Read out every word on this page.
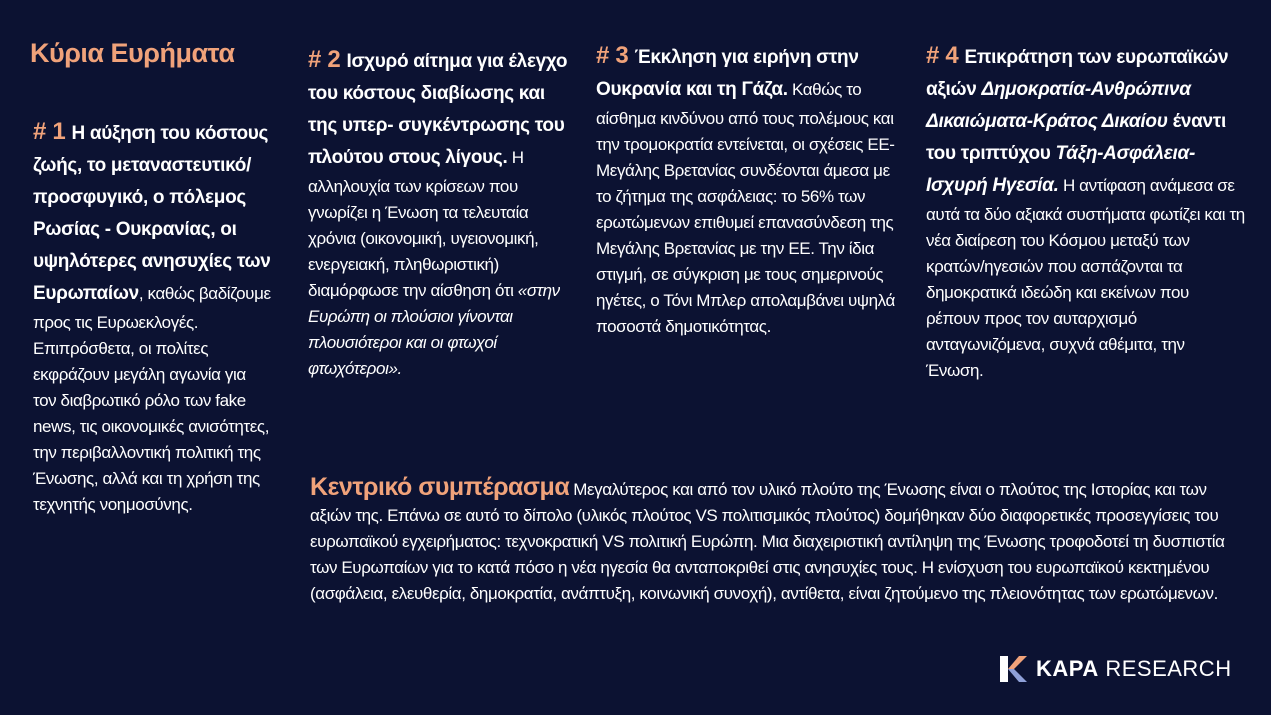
Κύρια Ευρήματα
# 1 Η αύξηση του κόστους ζωής, το μεταναστευτικό/ προσφυγικό, ο πόλεμος Ρωσίας - Ουκρανίας, οι υψηλότερες ανησυχίες των Ευρωπαίων, καθώς βαδίζουμε προς τις Ευρωεκλογές. Επιπρόσθετα, οι πολίτες εκφράζουν μεγάλη αγωνία για τον διαβρωτικό ρόλο των fake news, τις οικονομικές ανισότητες, την περιβαλλοντική πολιτική της Ένωσης, αλλά και τη χρήση της τεχνητής νοημοσύνης.
# 2 Ισχυρό αίτημα για έλεγχο του κόστους διαβίωσης και της υπερ- συγκέντρωσης του πλούτου στους λίγους. Η αλληλουχία των κρίσεων που γνωρίζει η Ένωση τα τελευταία χρόνια (οικονομική, υγειονομική, ενεργειακή, πληθωριστική) διαμόρφωσε την αίσθηση ότι «στην Ευρώπη οι πλούσιοι γίνονται πλουσιότεροι και οι φτωχοί φτωχότεροι».
# 3 Έκκληση για ειρήνη στην Ουκρανία και τη Γάζα. Καθώς το αίσθημα κινδύνου από τους πολέμους και την τρομοκρατία εντείνεται, οι σχέσεις ΕΕ-Μεγάλης Βρετανίας συνδέονται άμεσα με το ζήτημα της ασφάλειας: το 56% των ερωτώμενων επιθυμεί επανασύνδεση της Μεγάλης Βρετανίας με την ΕΕ. Την ίδια στιγμή, σε σύγκριση με τους σημερινούς ηγέτες, ο Τόνι Μπλερ απολαμβάνει υψηλά ποσοστά δημοτικότητας.
# 4 Επικράτηση των ευρωπαϊκών αξιών Δημοκρατία-Ανθρώπινα Δικαιώματα-Κράτος Δικαίου έναντι του τριπτύχου Τάξη-Ασφάλεια-Ισχυρή Ηγεσία. Η αντίφαση ανάμεσα σε αυτά τα δύο αξιακά συστήματα φωτίζει και τη νέα διαίρεση του Κόσμου μεταξύ των κρατών/ηγεσιών που ασπάζονται τα δημοκρατικά ιδεώδη και εκείνων που ρέπουν προς τον αυταρχισμό ανταγωνιζόμενα, συχνά αθέμιτα, την Ένωση.
Κεντρικό συμπέρασμα Μεγαλύτερος και από τον υλικό πλούτο της Ένωσης είναι ο πλούτος της Ιστορίας και των αξιών της. Επάνω σε αυτό το δίπολο (υλικός πλούτος VS πολιτισμικός πλούτος) δομήθηκαν δύο διαφορετικές προσεγγίσεις του ευρωπαϊκού εγχειρήματος: τεχνοκρατική VS πολιτική Ευρώπη. Μια διαχειριστική αντίληψη της Ένωσης τροφοδοτεί τη δυσπιστία των Ευρωπαίων για το κατά πόσο η νέα ηγεσία θα ανταποκριθεί στις ανησυχίες τους. Η ενίσχυση του ευρωπαϊκού κεκτημένου (ασφάλεια, ελευθερία, δημοκρατία, ανάπτυξη, κοινωνική συνοχή), αντίθετα, είναι ζητούμενο της πλειονότητας των ερωτώμενων.
KAPA RESEARCH
